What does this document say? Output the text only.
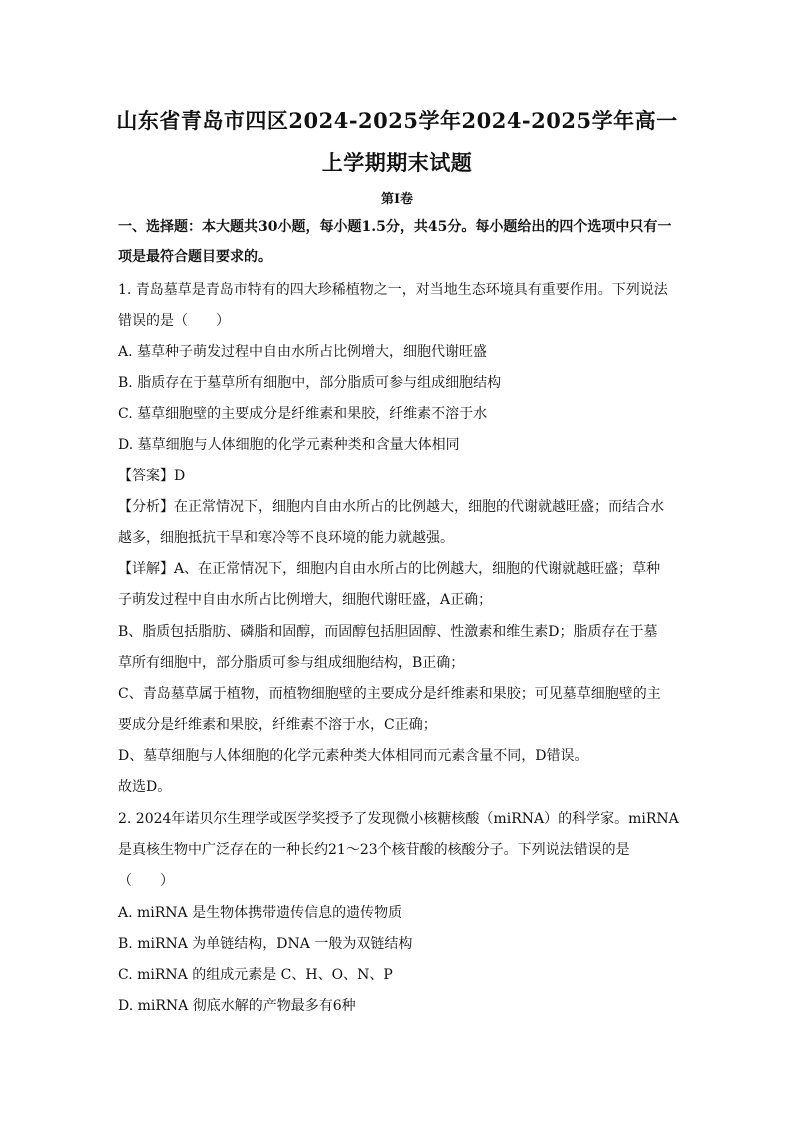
山东省青岛市四区2024-2025学年2024-2025学年高一
上学期期末试题
第Ⅰ卷
一、选择题：本大题共30小题，每小题1.5分，共45分。每小题给出的四个选项中只有一
项是最符合题目要求的。
1. 青岛墓草是青岛市特有的四大珍稀植物之一，对当地生态环境具有重要作用。下列说法
错误的是（　　）
A. 墓草种子萌发过程中自由水所占比例增大，细胞代谢旺盛
B. 脂质存在于墓草所有细胞中，部分脂质可参与组成细胞结构
C. 墓草细胞壁的主要成分是纤维素和果胶，纤维素不溶于水
D. 墓草细胞与人体细胞的化学元素种类和含量大体相同
【答案】D
【分析】在正常情况下，细胞内自由水所占的比例越大，细胞的代谢就越旺盛；而结合水
越多，细胞抵抗干旱和寒冷等不良环境的能力就越强。
【详解】A、在正常情况下，细胞内自由水所占的比例越大，细胞的代谢就越旺盛；草种
子萌发过程中自由水所占比例增大，细胞代谢旺盛，A正确；
B、脂质包括脂肪、磷脂和固醇，而固醇包括胆固醇、性激素和维生素D；脂质存在于墓
草所有细胞中，部分脂质可参与组成细胞结构，B正确；
C、青岛墓草属于植物，而植物细胞壁的主要成分是纤维素和果胶；可见墓草细胞壁的主
要成分是纤维素和果胶，纤维素不溶于水，C正确；
D、墓草细胞与人体细胞的化学元素种类大体相同而元素含量不同，D错误。
故选D。
2. 2024年诺贝尔生理学或医学奖授予了发现微小核糖核酸（miRNA）的科学家。miRNA
是真核生物中广泛存在的一种长约21～23个核苷酸的核酸分子。下列说法错误的是
（　　）
A. miRNA 是生物体携带遗传信息的遗传物质
B. miRNA 为单链结构，DNA 一般为双链结构
C. miRNA 的组成元素是 C、H、O、N、P
D. miRNA 彻底水解的产物最多有6种
